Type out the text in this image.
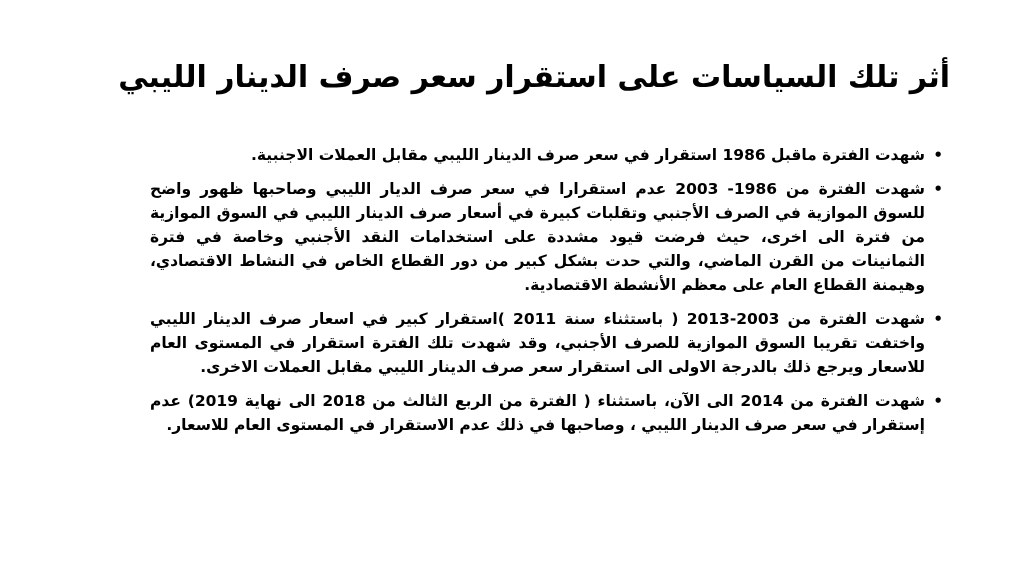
أثر تلك السياسات على استقرار سعر صرف الدينار الليبي
•
شهدت الفترة ماقبل 1986 استقرار في سعر صرف الدينار الليبي مقابل العملات الاجنبية.
•
شهدت الفترة من 1986- 2003 عدم استقرارا في سعر صرف الديار الليبي وصاحبها ظهور واضح للسوق الموازية في الصرف الأجنبي وتقلبات كبيرة في أسعار صرف الدينار الليبي في السوق الموازية من فترة الى اخرى، حيث فرضت قيود مشددة على استخدامات النقد الأجنبي وخاصة في فترة الثمانينات من القرن الماضي، والتي حدت بشكل كبير من دور القطاع الخاص في النشاط الاقتصادي، وهيمنة القطاع العام على معظم الأنشطة الاقتصادية.
•
شهدت الفترة من 2003-2013 ( باستثناء سنة 2011 )استقرار كبير في اسعار صرف الدينار الليبي واختفت تقريبا السوق الموازية للصرف الأجنبي، وقد شهدت تلك الفترة استقرار في المستوى العام للاسعار ويرجع ذلك بالدرجة الاولى الى استقرار سعر صرف الدينار الليبي مقابل العملات الاخرى.
•
شهدت الفترة من 2014 الى الآن، باستثناء ( الفترة من الربع الثالث من 2018 الى نهاية 2019) عدم إستقرار في سعر صرف الدينار الليبي ، وصاحبها في ذلك عدم الاستقرار في المستوى العام للاسعار.
